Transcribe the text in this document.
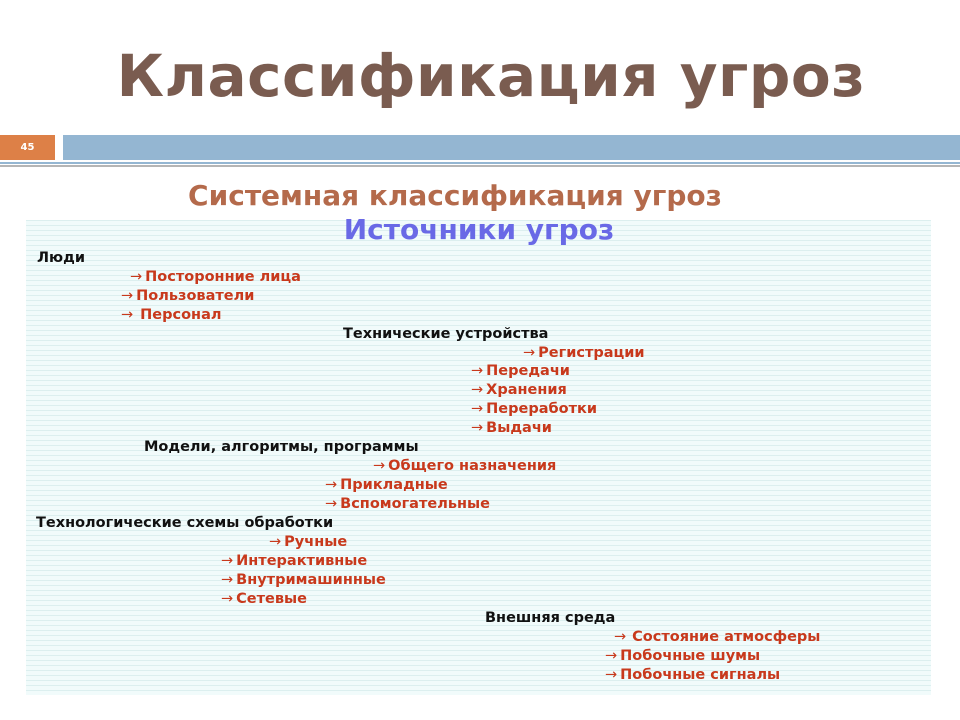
Классификация угроз
45
Системная классификация угроз
Источники угроз
Люди
→ Посторонние лица
→ Пользователи
→ Персонал
Технические устройства
→ Регистрации
→ Передачи
→ Хранения
→ Переработки
→ Выдачи
Модели, алгоритмы, программы
→ Общего назначения
→ Прикладные
→ Вспомогательные
Технологические схемы обработки
→ Ручные
→ Интерактивные
→ Внутримашинные
→ Сетевые
Внешняя среда
→ Состояние атмосферы
→ Побочные шумы
→ Побочные сигналы
